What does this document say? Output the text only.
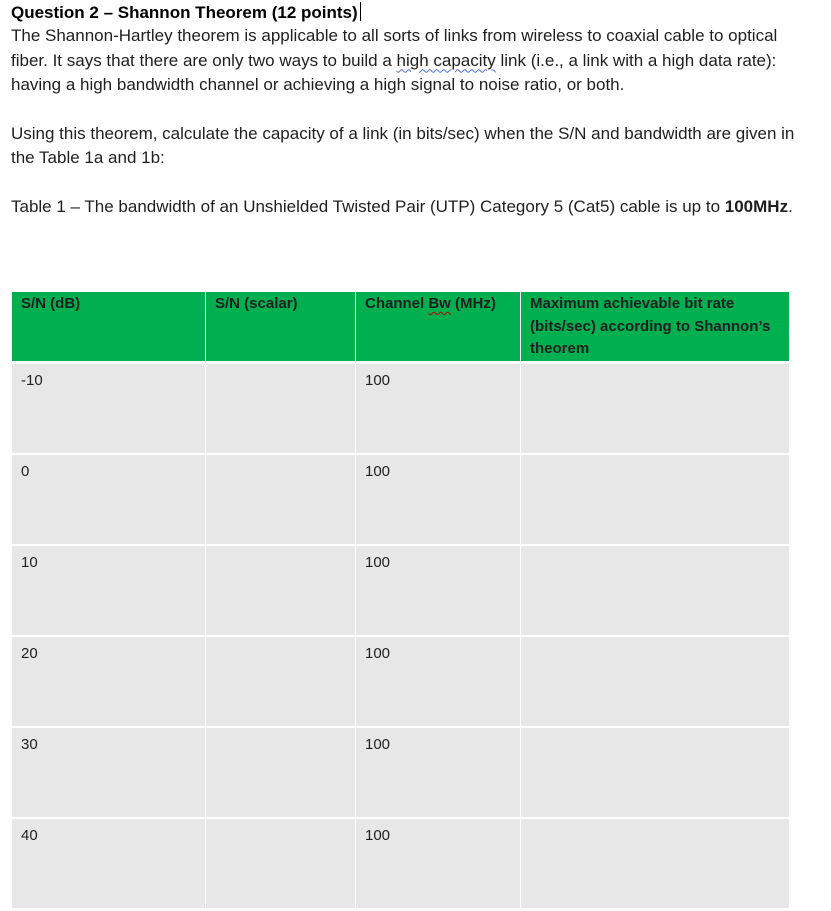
Question 2 – Shannon Theorem (12 points)

The Shannon-Hartley theorem is applicable to all sorts of links from wireless to coaxial cable to optical fiber. It says that there are only two ways to build a high capacity link (i.e., a link with a high data rate): having a high bandwidth channel or achieving a high signal to noise ratio, or both.

Using this theorem, calculate the capacity of a link (in bits/sec) when the S/N and bandwidth are given in the Table 1a and 1b:

Table 1 – The bandwidth of an Unshielded Twisted Pair (UTP) Category 5 (Cat5) cable is up to 100MHz.

S/N (dB)	S/N (scalar)	Channel Bw (MHz)	Maximum achievable bit rate (bits/sec) according to Shannon’s theorem

-10		100	

0		100	

10		100	

20		100	

30		100	

40		100	
